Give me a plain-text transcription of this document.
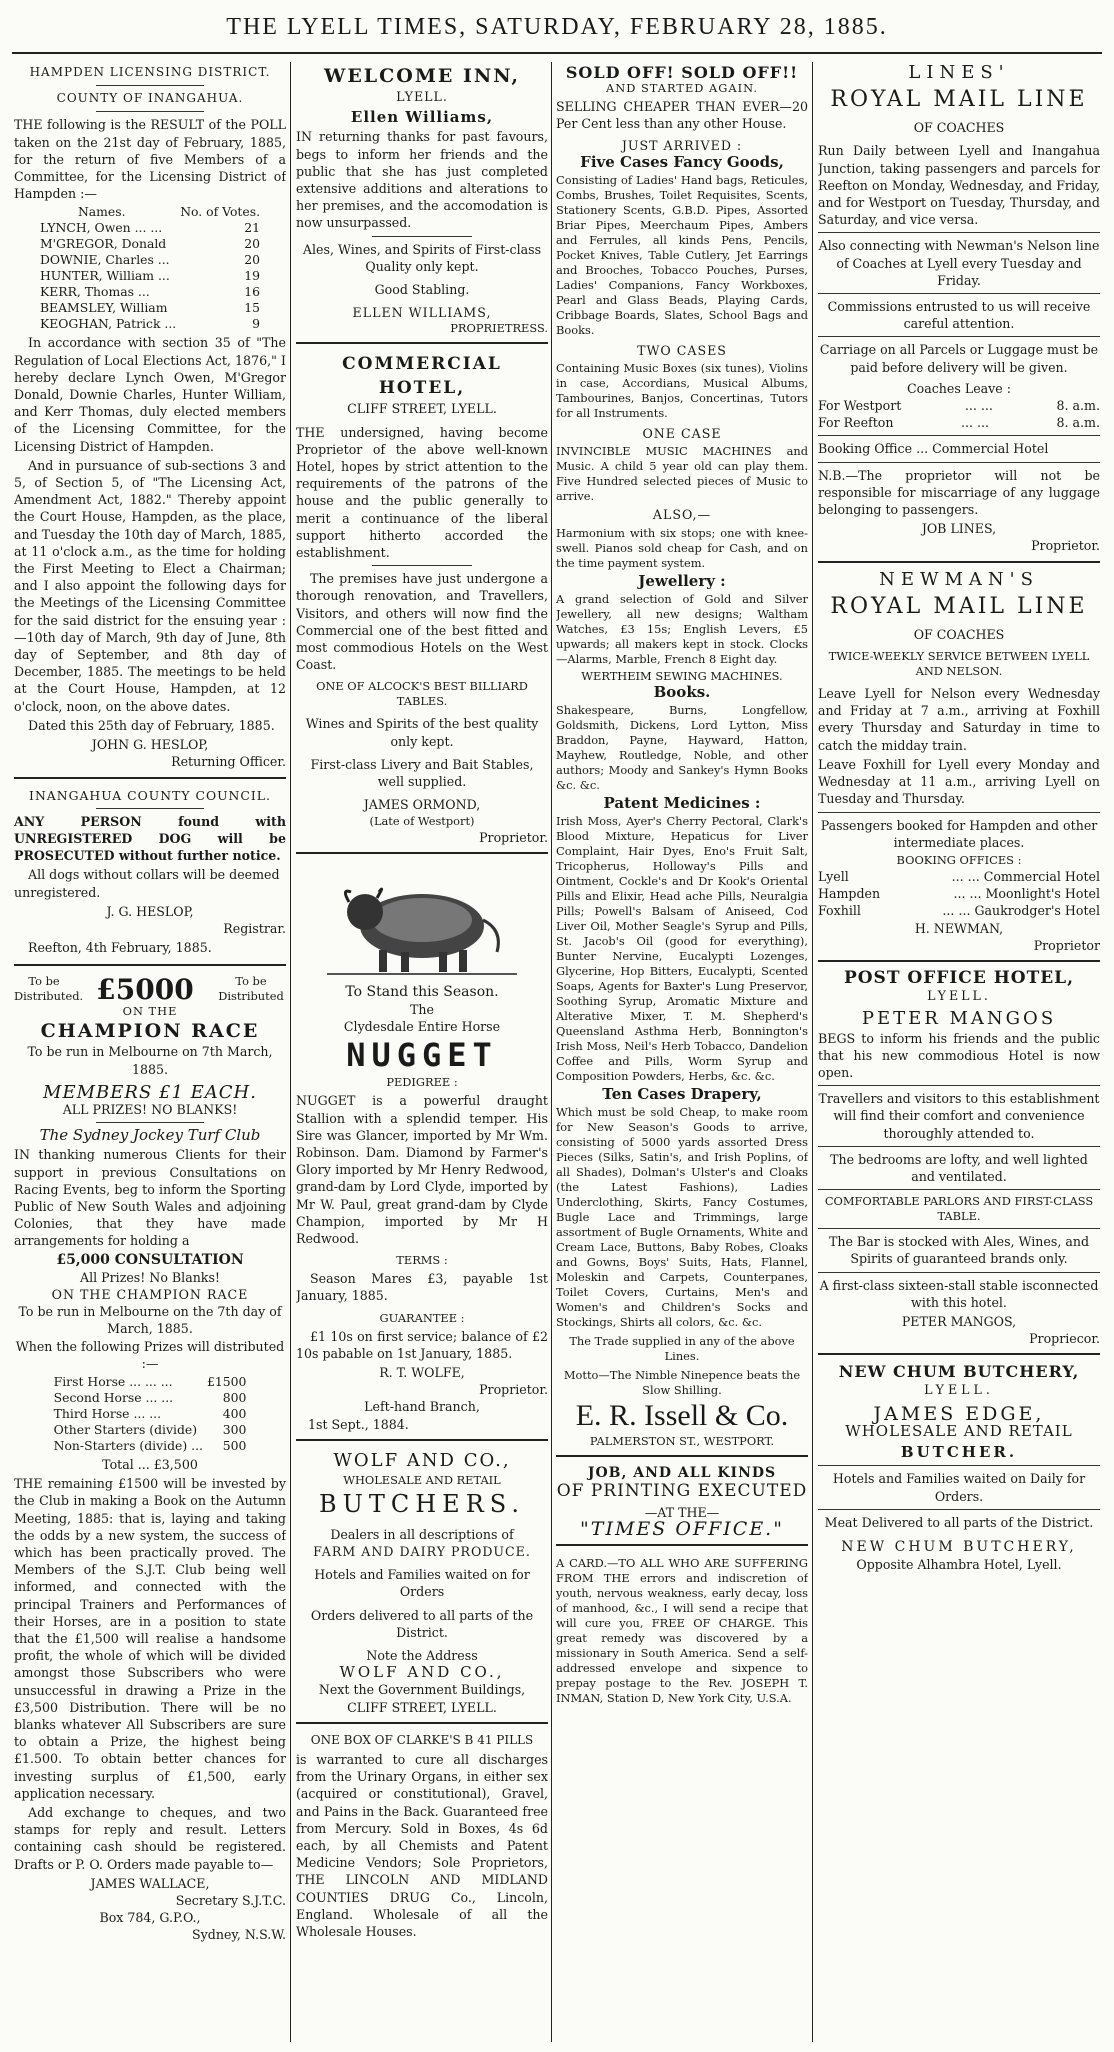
THE LYELL TIMES, SATURDAY, FEBRUARY 28, 1885.
HAMPDEN LICENSING DISTRICT.
COUNTY OF INANGAHUA.

THE following is the RESULT of the POLL taken on the 21st day of February, 1885, for the return of five Members of a Committee, for the Licensing District of Hampden :—

Names.	No. of Votes.
LYNCH, Owen ... ...	21
M'GREGOR, Donald	20
DOWNIE, Charles ...	20
HUNTER, William ...	19
KERR, Thomas ...	16
BEAMSLEY, William	15
KEOGHAN, Patrick ...	9

In accordance with section 35 of "The Regulation of Local Elections Act, 1876," I hereby declare Lynch Owen, M'Gregor Donald, Downie Charles, Hunter William, and Kerr Thomas, duly elected members of the Licensing Committee, for the Licensing District of Hampden.

And in pursuance of sub-sections 3 and 5, of Section 5, of "The Licensing Act, Amendment Act, 1882." Thereby appoint the Court House, Hampden, as the place, and Tuesday the 10th day of March, 1885, at 11 o'clock a.m., as the time for holding the First Meeting to Elect a Chairman; and I also appoint the following days for the Meetings of the Licensing Committee for the said district for the ensuing year :—10th day of March, 9th day of June, 8th day of September, and 8th day of December, 1885. The meetings to be held at the Court House, Hampden, at 12 o'clock, noon, on the above dates.

Dated this 25th day of February, 1885.

JOHN G. HESLOP,
Returning Officer.
INANGAHUA COUNTY COUNCIL.

ANY PERSON found with UNREGISTERED DOG will be PROSECUTED without further notice.

All dogs without collars will be deemed unregistered.

J. G. HESLOP,
Registrar.

Reefton, 4th February, 1885.

To be Distributed. £5000	To be Distributed
ON THE
CHAMPION RACE
To be run in Melbourne on 7th March, 1885.
MEMBERS £1 EACH.
ALL PRIZES! NO BLANKS!
The Sydney Jockey Turf Club

IN thanking numerous Clients for their support in previous Consultations on Racing Events, beg to inform the Sporting Public of New South Wales and adjoining Colonies, that they have made arrangements for holding a

£5,000 CONSULTATION
All Prizes! No Blanks!
ON THE CHAMPION RACE
To be run in Melbourne on the 7th day of March, 1885.
When the following Prizes will distributed :—
First Horse ... ... ...	£1500
Second Horse ... ...	800
Third Horse ... ...	400
Other Starters (divide)	300
Non-Starters (divide) ...	500
Total ... £3,500

THE remaining £1500 will be invested by the Club in making a Book on the Autumn Meeting, 1885: that is, laying and taking the odds by a new system, the success of which has been practically proved. The Members of the S.J.T. Club being well informed, and connected with the principal Trainers and Performances of their Horses, are in a position to state that the £1,500 will realise a handsome profit, the whole of which will be divided amongst those Subscribers who were unsuccessful in drawing a Prize in the £3,500 Distribution. There will be no blanks whatever All Subscribers are sure to obtain a Prize, the highest being £1.500. To obtain better chances for investing surplus of £1,500, early application necessary.

Add exchange to cheques, and two stamps for reply and result. Letters containing cash should be registered. Drafts or P. O. Orders made payable to—

JAMES WALLACE,
Secretary S.J.T.C.
Box 784, G.P.O.,
Sydney, N.S.W.
WELCOME INN,
LYELL.
Ellen Williams,

IN returning thanks for past favours, begs to inform her friends and the public that she has just completed extensive additions and alterations to her premises, and the accomodation is now unsurpassed.

Ales, Wines, and Spirits of First-class Quality only kept.
Good Stabling.
ELLEN WILLIAMS,
PROPRIETRESS.
COMMERCIAL HOTEL,
CLIFF STREET, LYELL.

THE undersigned, having become Proprietor of the above well-known Hotel, hopes by strict attention to the requirements of the patrons of the house and the public generally to merit a continuance of the liberal support hitherto accorded the establishment.

The premises have just undergone a thorough renovation, and Travellers, Visitors, and others will now find the Commercial one of the best fitted and most commodious Hotels on the West Coast.

ONE OF ALCOCK'S BEST BILLIARD TABLES.
Wines and Spirits of the best quality only kept.
First-class Livery and Bait Stables, well supplied.
JAMES ORMOND,
(Late of Westport)
Proprietor.
To Stand this Season.
The
Clydesdale Entire Horse
NUGGET
PEDIGREE :

NUGGET is a powerful draught Stallion with a splendid temper. His Sire was Glancer, imported by Mr Wm. Robinson. Dam. Diamond by Farmer's Glory imported by Mr Henry Redwood, grand-dam by Lord Clyde, imported by Mr W. Paul, great grand-dam by Clyde Champion, imported by Mr H Redwood.

TERMS :

Season Mares £3, payable 1st January, 1885.

GUARANTEE :

£1 10s on first service; balance of £2 10s pabable on 1st January, 1885.

R. T. WOLFE,
Proprietor.
Left-hand Branch,
1st Sept., 1884.
WOLF AND CO.,
WHOLESALE AND RETAIL
BUTCHERS.
Dealers in all descriptions of
FARM AND DAIRY PRODUCE.
Hotels and Families waited on for Orders
Orders delivered to all parts of the District.
Note the Address
WOLF AND CO.,
Next the Government Buildings,
CLIFF STREET, LYELL.
ONE BOX OF CLARKE'S B 41 PILLS

is warranted to cure all discharges from the Urinary Organs, in either sex (acquired or constitutional), Gravel, and Pains in the Back. Guaranteed free from Mercury. Sold in Boxes, 4s 6d each, by all Chemists and Patent Medicine Vendors; Sole Proprietors, THE LINCOLN AND MIDLAND COUNTIES DRUG Co., Lincoln, England. Wholesale of all the Wholesale Houses.

SOLD OFF! SOLD OFF!!
AND STARTED AGAIN.

SELLING CHEAPER THAN EVER—20 Per Cent less than any other House.

JUST ARRIVED :
Five Cases Fancy Goods,

Consisting of Ladies' Hand bags, Reticules, Combs, Brushes, Toilet Requisites, Scents, Stationery Scents, G.B.D. Pipes, Assorted Briar Pipes, Meerchaum Pipes, Ambers and Ferrules, all kinds Pens, Pencils, Pocket Knives, Table Cutlery, Jet Earrings and Brooches, Tobacco Pouches, Purses, Ladies' Companions, Fancy Workboxes, Pearl and Glass Beads, Playing Cards, Cribbage Boards, Slates, School Bags and Books.

TWO CASES

Containing Music Boxes (six tunes), Violins in case, Accordians, Musical Albums, Tambourines, Banjos, Concertinas, Tutors for all Instruments.

ONE CASE

INVINCIBLE MUSIC MACHINES and Music. A child 5 year old can play them. Five Hundred selected pieces of Music to arrive.

ALSO,—

Harmonium with six stops; one with knee-swell. Pianos sold cheap for Cash, and on the time payment system.

Jewellery :

A grand selection of Gold and Silver Jewellery, all new designs; Waltham Watches, £3 15s; English Levers, £5 upwards; all makers kept in stock. Clocks—Alarms, Marble, French 8 Eight day.

WERTHEIM SEWING MACHINES.
Books.

Shakespeare, Burns, Longfellow, Goldsmith, Dickens, Lord Lytton, Miss Braddon, Payne, Hayward, Hatton, Mayhew, Routledge, Noble, and other authors; Moody and Sankey's Hymn Books &c. &c.

Patent Medicines :

Irish Moss, Ayer's Cherry Pectoral, Clark's Blood Mixture, Hepaticus for Liver Complaint, Hair Dyes, Eno's Fruit Salt, Tricopherus, Holloway's Pills and Ointment, Cockle's and Dr Kook's Oriental Pills and Elixir, Head ache Pills, Neuralgia Pills; Powell's Balsam of Aniseed, Cod Liver Oil, Mother Seagle's Syrup and Pills, St. Jacob's Oil (good for everything), Bunter Nervine, Eucalypti Lozenges, Glycerine, Hop Bitters, Eucalypti, Scented Soaps, Agents for Baxter's Lung Preservor, Soothing Syrup, Aromatic Mixture and Alterative Mixer, T. M. Shepherd's Queensland Asthma Herb, Bonnington's Irish Moss, Neil's Herb Tobacco, Dandelion Coffee and Pills, Worm Syrup and Composition Powders, Herbs, &c. &c.

Ten Cases Drapery,

Which must be sold Cheap, to make room for New Season's Goods to arrive, consisting of 5000 yards assorted Dress Pieces (Silks, Satin's, and Irish Poplins, of all Shades), Dolman's Ulster's and Cloaks (the Latest Fashions), Ladies Underclothing, Skirts, Fancy Costumes, Bugle Lace and Trimmings, large assortment of Bugle Ornaments, White and Cream Lace, Buttons, Baby Robes, Cloaks and Gowns, Boys' Suits, Hats, Flannel, Moleskin and Carpets, Counterpanes, Toilet Covers, Curtains, Men's and Women's and Children's Socks and Stockings, Shirts all colors, &c. &c.

The Trade supplied in any of the above Lines.
Motto—The Nimble Ninepence beats the Slow Shilling.
E. R. Issell & Co.
PALMERSTON ST., WESTPORT.
JOB, AND ALL KINDS
OF PRINTING EXECUTED
—AT THE—
"TIMES OFFICE."

A CARD.—TO ALL WHO ARE SUFFERING FROM THE errors and indiscretion of youth, nervous weakness, early decay, loss of manhood, &c., I will send a recipe that will cure you, FREE OF CHARGE. This great remedy was discovered by a missionary in South America. Send a self-addressed envelope and sixpence to prepay postage to the Rev. JOSEPH T. INMAN, Station D, New York City, U.S.A.

LINES'
ROYAL MAIL LINE
OF COACHES

Run Daily between Lyell and Inangahua Junction, taking passengers and parcels for Reefton on Monday, Wednesday, and Friday, and for Westport on Tuesday, Thursday, and Saturday, and vice versa.

Also connecting with Newman's Nelson line of Coaches at Lyell every Tuesday and Friday.

Commissions entrusted to us will receive careful attention.

Carriage on all Parcels or Luggage must be paid before delivery will be given.

Coaches Leave :
For Westport	... ...	8. a.m.
For Reefton	... ...	8. a.m.
Booking Office ... Commercial Hotel

N.B.—The proprietor will not be responsible for miscarriage of any luggage belonging to passengers.

JOB LINES,
Proprietor.
NEWMAN'S
ROYAL MAIL LINE
OF COACHES
TWICE-WEEKLY SERVICE BETWEEN LYELL AND NELSON.

Leave Lyell for Nelson every Wednesday and Friday at 7 a.m., arriving at Foxhill every Thursday and Saturday in time to catch the midday train.

Leave Foxhill for Lyell every Monday and Wednesday at 11 a.m., arriving Lyell on Tuesday and Thursday.

Passengers booked for Hampden and other intermediate places.

BOOKING OFFICES :
Lyell	... ... Commercial Hotel
Hampden	... ... Moonlight's Hotel
Foxhill	... ... Gaukrodger's Hotel
H. NEWMAN,
Proprietor
POST OFFICE HOTEL,
LYELL.
PETER MANGOS

BEGS to inform his friends and the public that his new commodious Hotel is now open.

Travellers and visitors to this establishment will find their comfort and convenience thoroughly attended to.

The bedrooms are lofty, and well lighted and ventilated.

COMFORTABLE PARLORS AND FIRST-CLASS TABLE.

The Bar is stocked with Ales, Wines, and Spirits of guaranteed brands only.

A first-class sixteen-stall stable isconnected with this hotel.

PETER MANGOS,
Propriecor.
NEW CHUM BUTCHERY,
LYELL.
JAMES EDGE,
WHOLESALE AND RETAIL
BUTCHER.

Hotels and Families waited on Daily for Orders.

Meat Delivered to all parts of the District.

NEW CHUM BUTCHERY,
Opposite Alhambra Hotel, Lyell.
